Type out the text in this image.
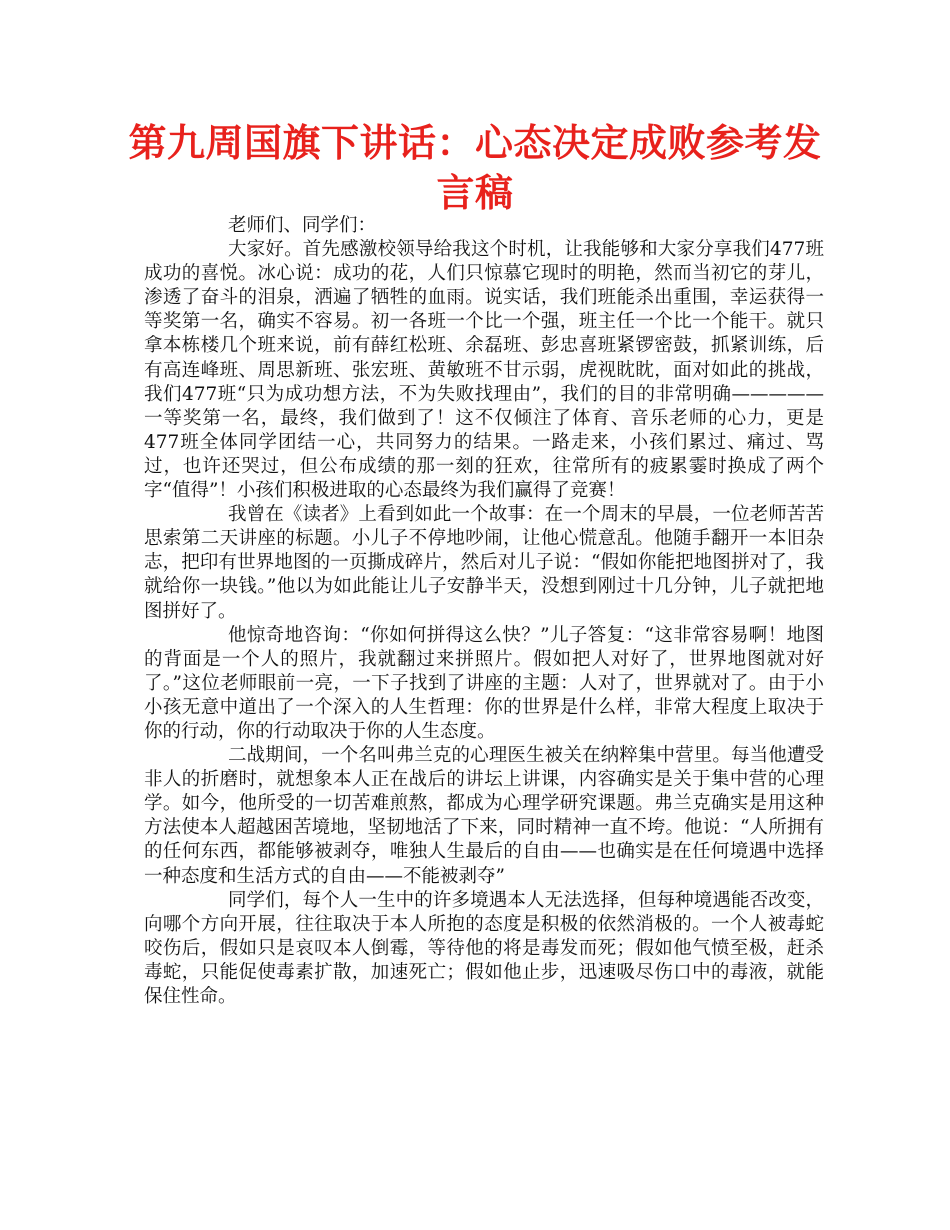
第九周国旗下讲话：心态决定成败参考发言稿

老师们、同学们：

大家好。首先感激校领导给我这个时机，让我能够和大家分享我们477班成功的喜悦。冰心说：成功的花，人们只惊慕它现时的明艳，然而当初它的芽儿，渗透了奋斗的泪泉，洒遍了牺牲的血雨。说实话，我们班能杀出重围，幸运获得一等奖第一名，确实不容易。初一各班一个比一个强，班主任一个比一个能干。就只拿本栋楼几个班来说，前有薛红松班、余磊班、彭忠喜班紧锣密鼓，抓紧训练，后有高连峰班、周思新班、张宏班、黄敏班不甘示弱，虎视眈眈，面对如此的挑战，我们477班“只为成功想方法，不为失败找理由”，我们的目的非常明确—————一等奖第一名，最终，我们做到了！这不仅倾注了体育、音乐老师的心力，更是477班全体同学团结一心，共同努力的结果。一路走来，小孩们累过、痛过、骂过，也许还哭过，但公布成绩的那一刻的狂欢，往常所有的疲累霎时换成了两个字“值得”！小孩们积极进取的心态最终为我们赢得了竞赛！

我曾在《读者》上看到如此一个故事：在一个周末的早晨，一位老师苦苦思索第二天讲座的标题。小儿子不停地吵闹，让他心慌意乱。他随手翻开一本旧杂志，把印有世界地图的一页撕成碎片，然后对儿子说：“假如你能把地图拼对了，我就给你一块钱。”他以为如此能让儿子安静半天，没想到刚过十几分钟，儿子就把地图拼好了。

他惊奇地咨询：“你如何拼得这么快？”儿子答复：“这非常容易啊！地图的背面是一个人的照片，我就翻过来拼照片。假如把人对好了，世界地图就对好了。”这位老师眼前一亮，一下子找到了讲座的主题：人对了，世界就对了。由于小小孩无意中道出了一个深入的人生哲理：你的世界是什么样，非常大程度上取决于你的行动，你的行动取决于你的人生态度。

二战期间，一个名叫弗兰克的心理医生被关在纳粹集中营里。每当他遭受非人的折磨时，就想象本人正在战后的讲坛上讲课，内容确实是关于集中营的心理学。如今，他所受的一切苦难煎熬，都成为心理学研究课题。弗兰克确实是用这种方法使本人超越困苦境地，坚韧地活了下来，同时精神一直不垮。他说：“人所拥有的任何东西，都能够被剥夺，唯独人生最后的自由——也确实是在任何境遇中选择一种态度和生活方式的自由——不能被剥夺”

同学们，每个人一生中的许多境遇本人无法选择，但每种境遇能否改变，向哪个方向开展，往往取决于本人所抱的态度是积极的依然消极的。一个人被毒蛇咬伤后，假如只是哀叹本人倒霉，等待他的将是毒发而死；假如他气愤至极，赶杀毒蛇，只能促使毒素扩散，加速死亡；假如他止步，迅速吸尽伤口中的毒液，就能保住性命。
